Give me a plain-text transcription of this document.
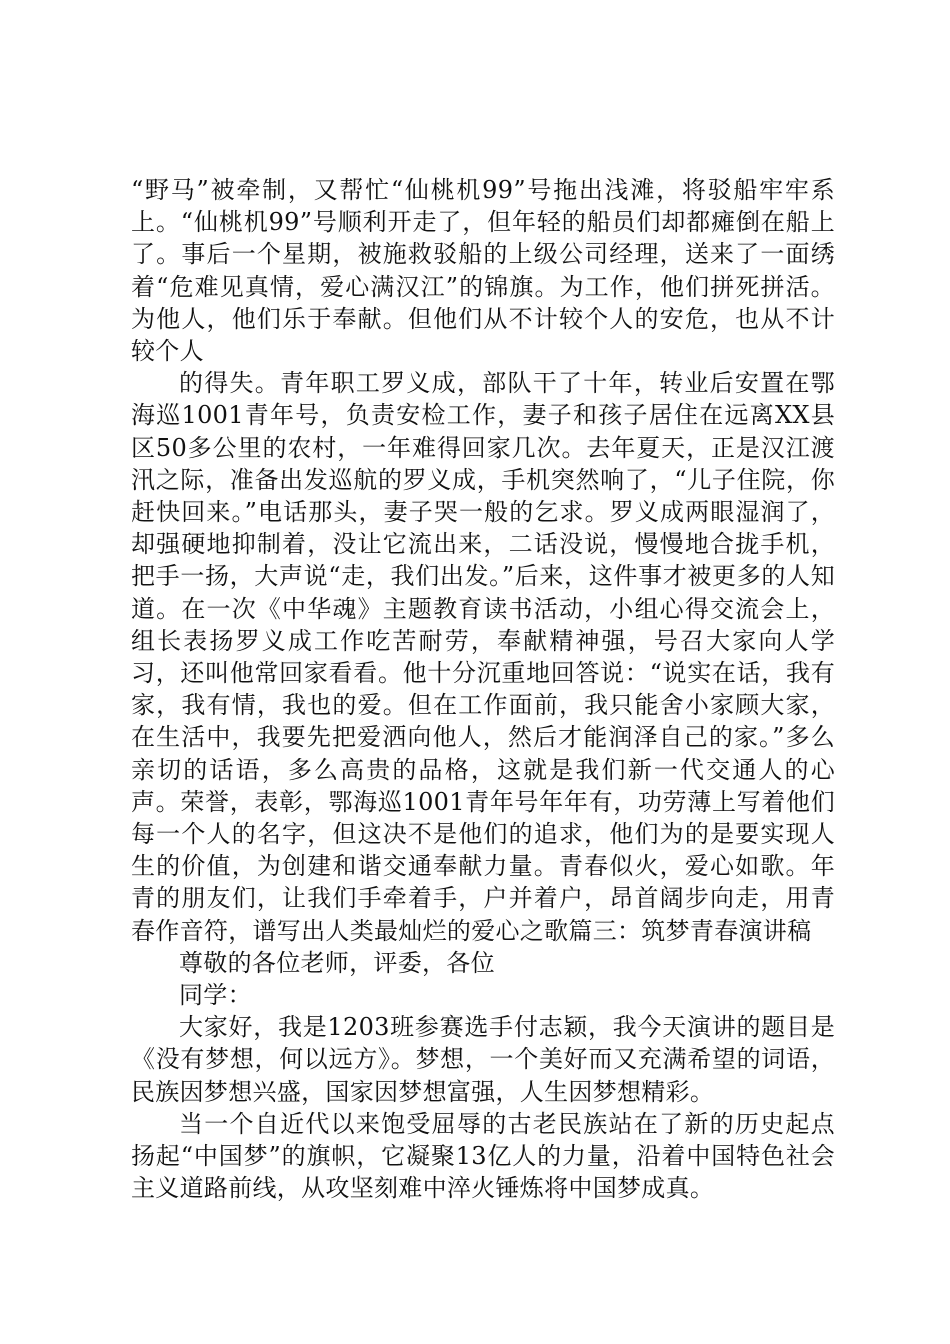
“野马”被牵制，又帮忙“仙桃机99”号拖出浅滩，将驳船牢牢系上。“仙桃机99”号顺利开走了，但年轻的船员们却都瘫倒在船上了。事后一个星期，被施救驳船的上级公司经理，送来了一面绣着“危难见真情，爱心满汉江”的锦旗。为工作，他们拼死拼活。为他人，他们乐于奉献。但他们从不计较个人的安危，也从不计较个人

的得失。青年职工罗义成，部队干了十年，转业后安置在鄂海巡1001青年号，负责安检工作，妻子和孩子居住在远离XX县区50多公里的农村，一年难得回家几次。去年夏天，正是汉江渡汛之际，准备出发巡航的罗义成，手机突然响了，“儿子住院，你赶快回来。”电话那头，妻子哭一般的乞求。罗义成两眼湿润了，却强硬地抑制着，没让它流出来，二话没说，慢慢地合拢手机，把手一扬，大声说“走，我们出发。”后来，这件事才被更多的人知道。在一次《中华魂》主题教育读书活动，小组心得交流会上，组长表扬罗义成工作吃苦耐劳，奉献精神强，号召大家向人学习，还叫他常回家看看。他十分沉重地回答说：“说实在话，我有家，我有情，我也的爱。但在工作面前，我只能舍小家顾大家，在生活中，我要先把爱洒向他人，然后才能润泽自己的家。”多么亲切的话语，多么高贵的品格，这就是我们新一代交通人的心声。荣誉，表彰，鄂海巡1001青年号年年有，功劳薄上写着他们每一个人的名字，但这决不是他们的追求，他们为的是要实现人生的价值，为创建和谐交通奉献力量。青春似火，爱心如歌。年青的朋友们，让我们手牵着手，户并着户，昂首阔步向走，用青春作音符，谱写出人类最灿烂的爱心之歌篇三：筑梦青春演讲稿

尊敬的各位老师，评委，各位

同学：

大家好，我是1203班参赛选手付志颖，我今天演讲的题目是《没有梦想，何以远方》。梦想，一个美好而又充满希望的词语，民族因梦想兴盛，国家因梦想富强，人生因梦想精彩。

当一个自近代以来饱受屈辱的古老民族站在了新的历史起点扬起“中国梦”的旗帜，它凝聚13亿人的力量，沿着中国特色社会主义道路前线，从攻坚刻难中淬火锤炼将中国梦成真。
